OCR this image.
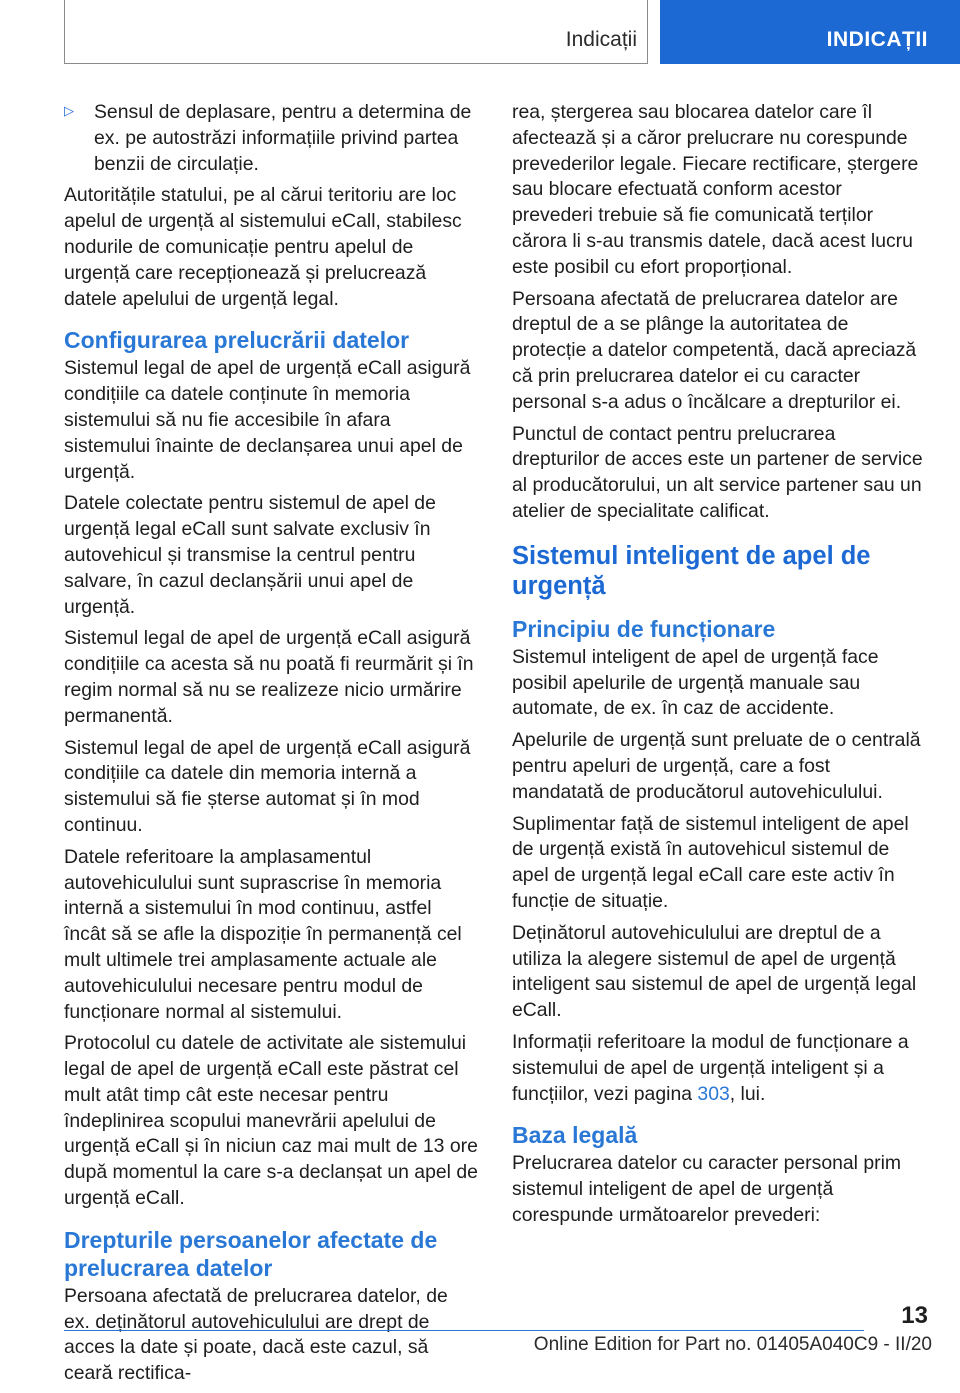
Indicații	INDICAȚII
▷ Sensul de deplasare, pentru a determina de ex. pe autostrăzi informațiile privind partea benzii de circulație.

Autoritățile statului, pe al cărui teritoriu are loc apelul de urgență al sistemului eCall, stabilesc nodurile de comunicație pentru apelul de urgență care recepționează și prelucrează datele apelului de urgență legal.

Configurarea prelucrării datelor

Sistemul legal de apel de urgență eCall asigură condițiile ca datele conținute în memoria sistemului să nu fie accesibile în afara sistemului înainte de declanșarea unui apel de urgență.

Datele colectate pentru sistemul de apel de urgență legal eCall sunt salvate exclusiv în autovehicul și transmise la centrul pentru salvare, în cazul declanșării unui apel de urgență.

Sistemul legal de apel de urgență eCall asigură condițiile ca acesta să nu poată fi reurmărit și în regim normal să nu se realizeze nicio urmărire permanentă.

Sistemul legal de apel de urgență eCall asigură condițiile ca datele din memoria internă a sistemului să fie șterse automat și în mod continuu.

Datele referitoare la amplasamentul autovehiculului sunt suprascrise în memoria internă a sistemului în mod continuu, astfel încât să se afle la dispoziție în permanență cel mult ultimele trei amplasamente actuale ale autovehiculului necesare pentru modul de funcționare normal al sistemului.

Protocolul cu datele de activitate ale sistemului legal de apel de urgență eCall este păstrat cel mult atât timp cât este necesar pentru îndeplinirea scopului manevrării apelului de urgență eCall și în niciun caz mai mult de 13 ore după momentul la care s-a declanșat un apel de urgență eCall.

Drepturile persoanelor afectate de prelucrarea datelor

Persoana afectată de prelucrarea datelor, de ex. deținătorul autovehiculului are drept de acces la date și poate, dacă este cazul, să ceară rectifica-

rea, ștergerea sau blocarea datelor care îl afectează și a căror prelucrare nu corespunde prevederilor legale. Fiecare rectificare, ștergere sau blocare efectuată conform acestor prevederi trebuie să fie comunicată terților cărora li s-au transmis datele, dacă acest lucru este posibil cu efort proporțional.

Persoana afectată de prelucrarea datelor are dreptul de a se plânge la autoritatea de protecție a datelor competentă, dacă apreciază că prin prelucrarea datelor ei cu caracter personal s-a adus o încălcare a drepturilor ei.

Punctul de contact pentru prelucrarea drepturilor de acces este un partener de service al producătorului, un alt service partener sau un atelier de specialitate calificat.

Sistemul inteligent de apel de urgență
Principiu de funcționare

Sistemul inteligent de apel de urgență face posibil apelurile de urgență manuale sau automate, de ex. în caz de accidente.

Apelurile de urgență sunt preluate de o centrală pentru apeluri de urgență, care a fost mandatată de producătorul autovehiculului.

Suplimentar față de sistemul inteligent de apel de urgență există în autovehicul sistemul de apel de urgență legal eCall care este activ în funcție de situație.

Deținătorul autovehiculului are dreptul de a utiliza la alegere sistemul de apel de urgență inteligent sau sistemul de apel de urgență legal eCall.

Informații referitoare la modul de funcționare a sistemului de apel de urgență inteligent și a funcțiilor, vezi pagina 303, lui.

Baza legală

Prelucrarea datelor cu caracter personal prim sistemul inteligent de apel de urgență corespunde următoarelor prevederi:

13
Online Edition for Part no. 01405A040C9 - II/20
